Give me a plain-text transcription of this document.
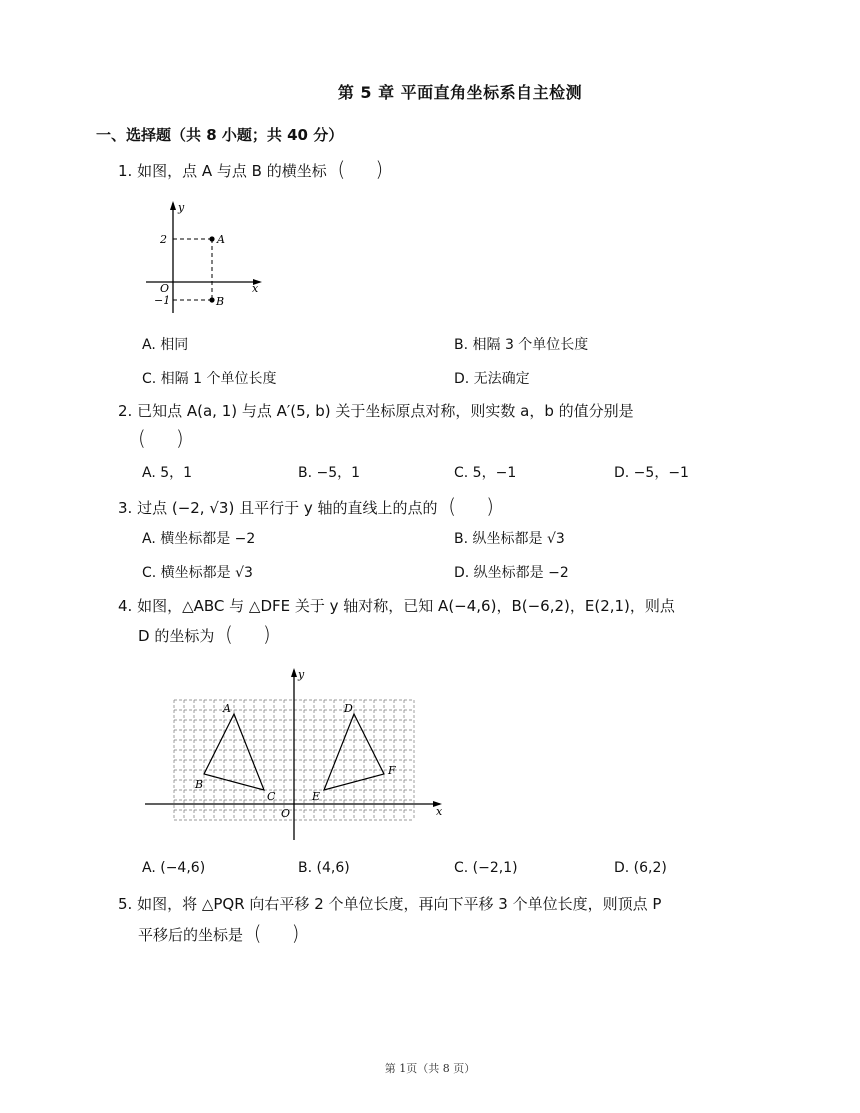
第 5 章 平面直角坐标系自主检测
一、选择题（共 8 小题；共 40 分）
1. 如图，点 A 与点 B 的横坐标 ( )
y
x
O
2
−1
A
B
A. 相同	B. 相隔 3 个单位长度
C. 相隔 1 个单位长度	D. 无法确定
2. 已知点 A(a, 1) 与点 A′(5, b) 关于坐标原点对称，则实数 a，b 的值分别是
( )
A. 5，1	B. −5，1	C. 5，−1	D. −5，−1
3. 过点 (−2, √3) 且平行于 y 轴的直线上的点的 ( )
A. 横坐标都是 −2	B. 纵坐标都是 √3
C. 横坐标都是 √3	D. 纵坐标都是 −2
4. 如图，△ABC 与 △DFE 关于 y 轴对称，已知 A(−4,6)，B(−6,2)，E(2,1)，则点
D 的坐标为 ( )
y
x
O
A
B
C
D
F
E
A. (−4,6)	B. (4,6)	C. (−2,1)	D. (6,2)
5. 如图，将 △PQR 向右平移 2 个单位长度，再向下平移 3 个单位长度，则顶点 P
平移后的坐标是 ( )
第 1页（共 8 页）
